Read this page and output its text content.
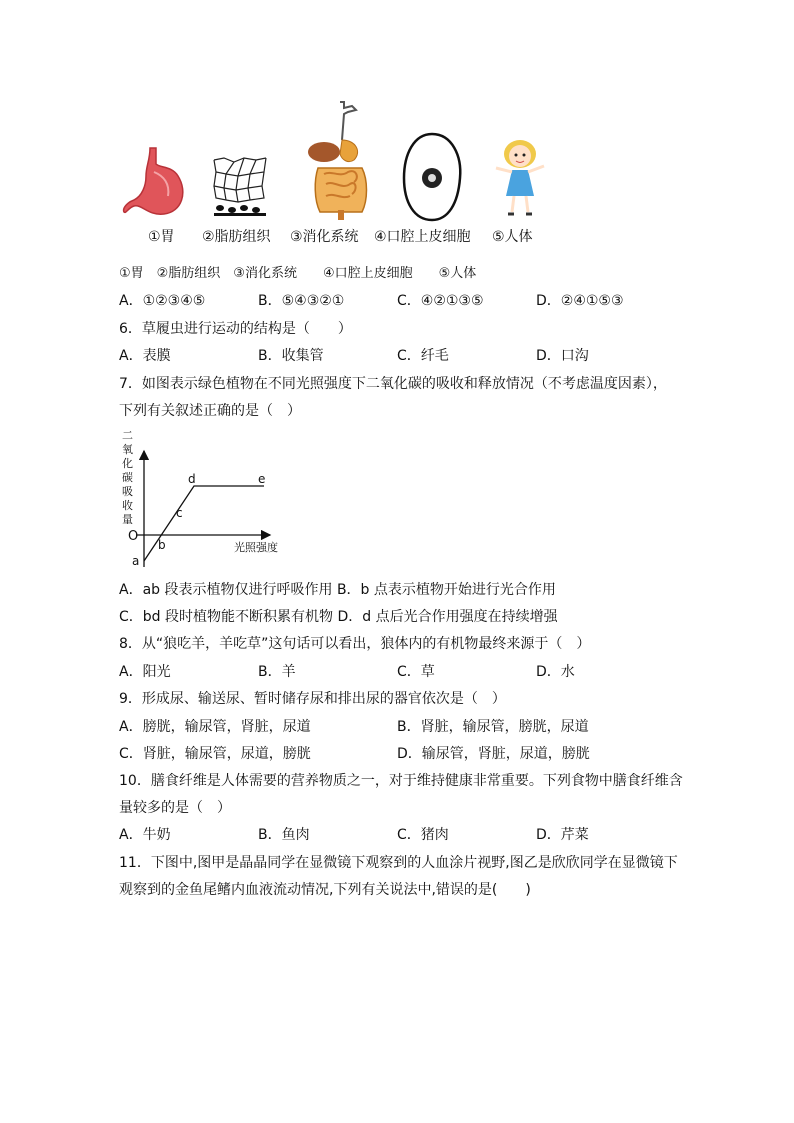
①胃 ②脂肪组织 ③消化系统 ④口腔上皮细胞 ⑤人体
①胃　②脂肪组织　③消化系统　　④口腔上皮细胞　　⑤人体
A．①②③④⑤	B．⑤④③②①	C．④②①③⑤	D．②④①⑤③
6．草履虫进行运动的结构是（　　）
A．表膜	B．收集管	C．纤毛	D．口沟
7．如图表示绿色植物在不同光照强度下二氧化碳的吸收和释放情况（不考虑温度因素），
下列有关叙述正确的是（　）
二
氧
化
碳
吸
收
量
O
a
b
c
d	e
光照强度
A．ab 段表示植物仅进行呼吸作用 B．b 点表示植物开始进行光合作用
C．bd 段时植物能不断积累有机物 D．d 点后光合作用强度在持续增强
8．从“狼吃羊，羊吃草”这句话可以看出，狼体内的有机物最终来源于（　）
A．阳光	B．羊	C．草	D．水
9．形成尿、输送尿、暂时储存尿和排出尿的器官依次是（　）
A．膀胱，输尿管，肾脏，尿道	B．肾脏，输尿管，膀胱，尿道
C．肾脏，输尿管，尿道，膀胱	D．输尿管，肾脏，尿道，膀胱
10．膳食纤维是人体需要的营养物质之一，对于维持健康非常重要。下列食物中膳食纤维含
量较多的是（　）
A．牛奶	B．鱼肉	C．猪肉	D．芹菜
11．下图中,图甲是晶晶同学在显微镜下观察到的人血涂片视野,图乙是欣欣同学在显微镜下
观察到的金鱼尾鳍内血液流动情况,下列有关说法中,错误的是(　　)
